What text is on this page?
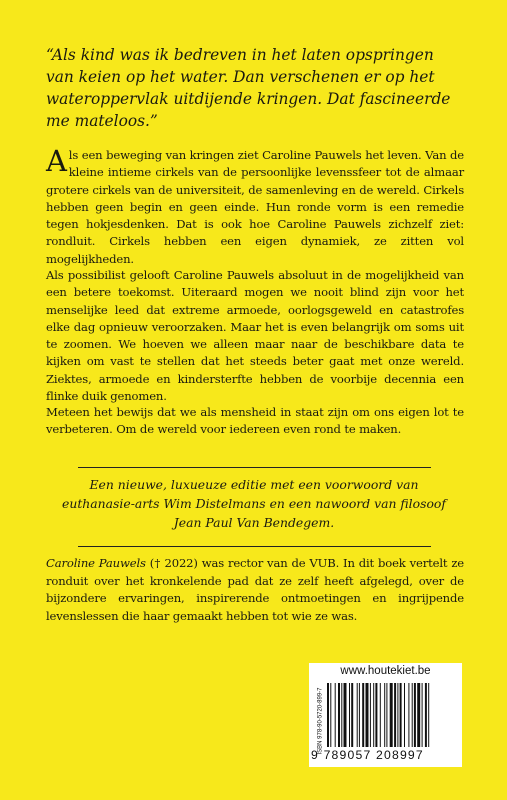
“Als kind was ik bedreven in het laten opspringen van keien op het water. Dan verschenen er op het wateroppervlak uitdijende kringen. Dat fascineerde me mateloos.”
Als een beweging van kringen ziet Caroline Pauwels het leven. Van de kleine intieme cirkels van de persoonlijke levenssfeer tot de almaar grotere cirkels van de universiteit, de samenleving en de wereld. Cirkels hebben geen begin en geen einde. Hun ronde vorm is een remedie tegen hokjesdenken. Dat is ook hoe Caroline Pauwels zichzelf ziet: rondluit. Cirkels hebben een eigen dynamiek, ze zitten vol mogelijkheden.
Als possibilist gelooft Caroline Pauwels absoluut in de mogelijkheid van een betere toekomst. Uiteraard mogen we nooit blind zijn voor het menselijke leed dat extreme armoede, oorlogsgeweld en catastrofes elke dag opnieuw veroorzaken. Maar het is even belangrijk om soms uit te zoomen. We hoeven we alleen maar naar de beschikbare data te kijken om vast te stellen dat het steeds beter gaat met onze wereld. Ziektes, armoede en kindersterfte hebben de voorbije decennia een flinke duik genomen.
Meteen het bewijs dat we als mensheid in staat zijn om ons eigen lot te verbeteren. Om de wereld voor iedereen even rond te maken.
Een nieuwe, luxueuze editie met een voorwoord van euthanasie-arts Wim Distelmans en een nawoord van filosoof Jean Paul Van Bendegem.
Caroline Pauwels († 2022) was rector van de VUB. In dit boek vertelt ze ronduit over het kronkelende pad dat ze zelf heeft afgelegd, over de bijzondere ervaringen, inspirerende ontmoetingen en ingrijpende levenslessen die haar gemaakt hebben tot wie ze was.
www.houtekiet.be
ISBN 978-90-5720-899-7
9 789057 208997
